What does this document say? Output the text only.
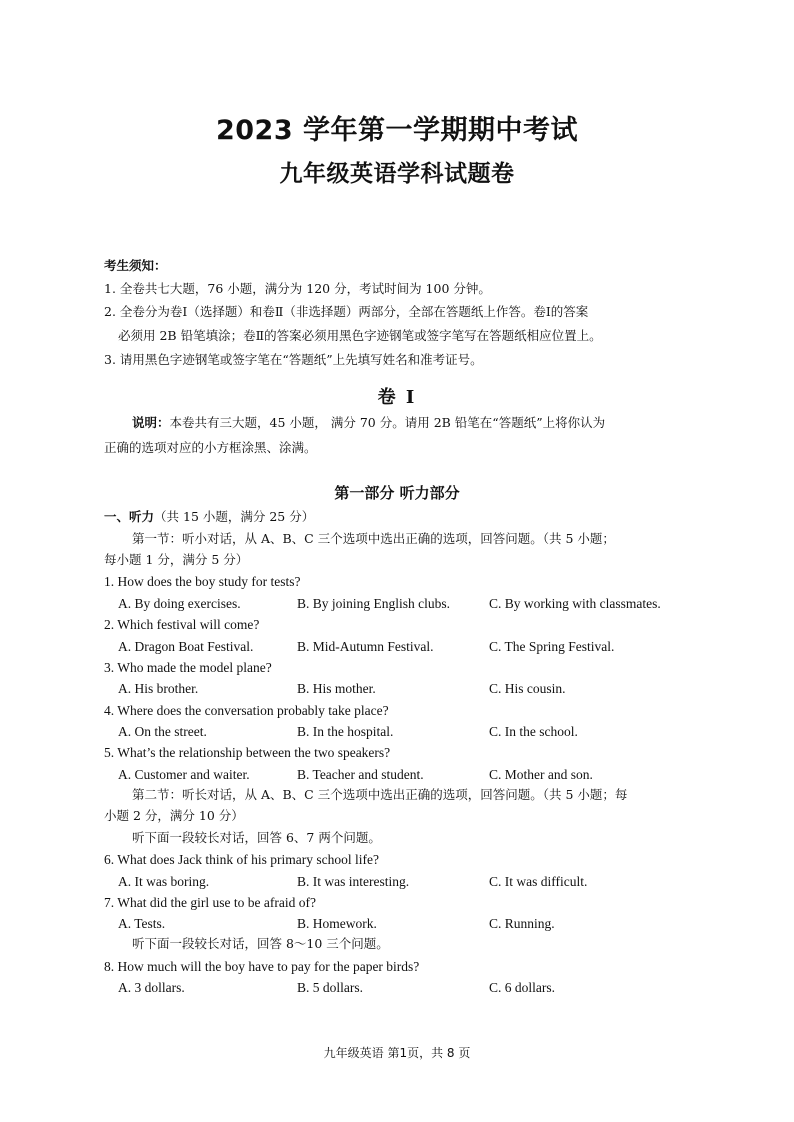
2023 学年第一学期期中考试
九年级英语学科试题卷
考生须知：
1. 全卷共七大题，76 小题，满分为 120 分，考试时间为 100 分钟。
2. 全卷分为卷Ⅰ（选择题）和卷Ⅱ（非选择题）两部分，全部在答题纸上作答。卷Ⅰ的答案
必须用 2B 铅笔填涂；卷Ⅱ的答案必须用黑色字迹钢笔或签字笔写在答题纸相应位置上。
3. 请用黑色字迹钢笔或签字笔在“答题纸”上先填写姓名和准考证号。
卷 Ⅰ
说明：本卷共有三大题，45 小题， 满分 70 分。请用 2B 铅笔在“答题纸”上将你认为
正确的选项对应的小方框涂黑、涂满。
第一部分 听力部分
一、听力（共 15 小题，满分 25 分）
第一节：听小对话，从 A、B、C 三个选项中选出正确的选项，回答问题。（共 5 小题；
每小题 1 分，满分 5 分）
1. How does the boy study for tests?
A. By doing exercises.	B. By joining English clubs.	C. By working with classmates.
2. Which festival will come?
A. Dragon Boat Festival.	B. Mid-Autumn Festival.	C. The Spring Festival.
3. Who made the model plane?
A. His brother.	B. His mother.	C. His cousin.
4. Where does the conversation probably take place?
A. On the street.	B. In the hospital.	C. In the school.
5. What’s the relationship between the two speakers?
A. Customer and waiter.	B. Teacher and student.	C. Mother and son.
第二节：听长对话，从 A、B、C 三个选项中选出正确的选项，回答问题。（共 5 小题；每
小题 2 分，满分 10 分）
听下面一段较长对话，回答 6、7 两个问题。
6. What does Jack think of his primary school life?
A. It was boring.	B. It was interesting.	C. It was difficult.
7. What did the girl use to be afraid of?
A. Tests.	B. Homework.	C. Running.
听下面一段较长对话，回答 8～10 三个问题。
8. How much will the boy have to pay for the paper birds?
A. 3 dollars.	B. 5 dollars.	C. 6 dollars.
九年级英语 第1页，共 8 页
